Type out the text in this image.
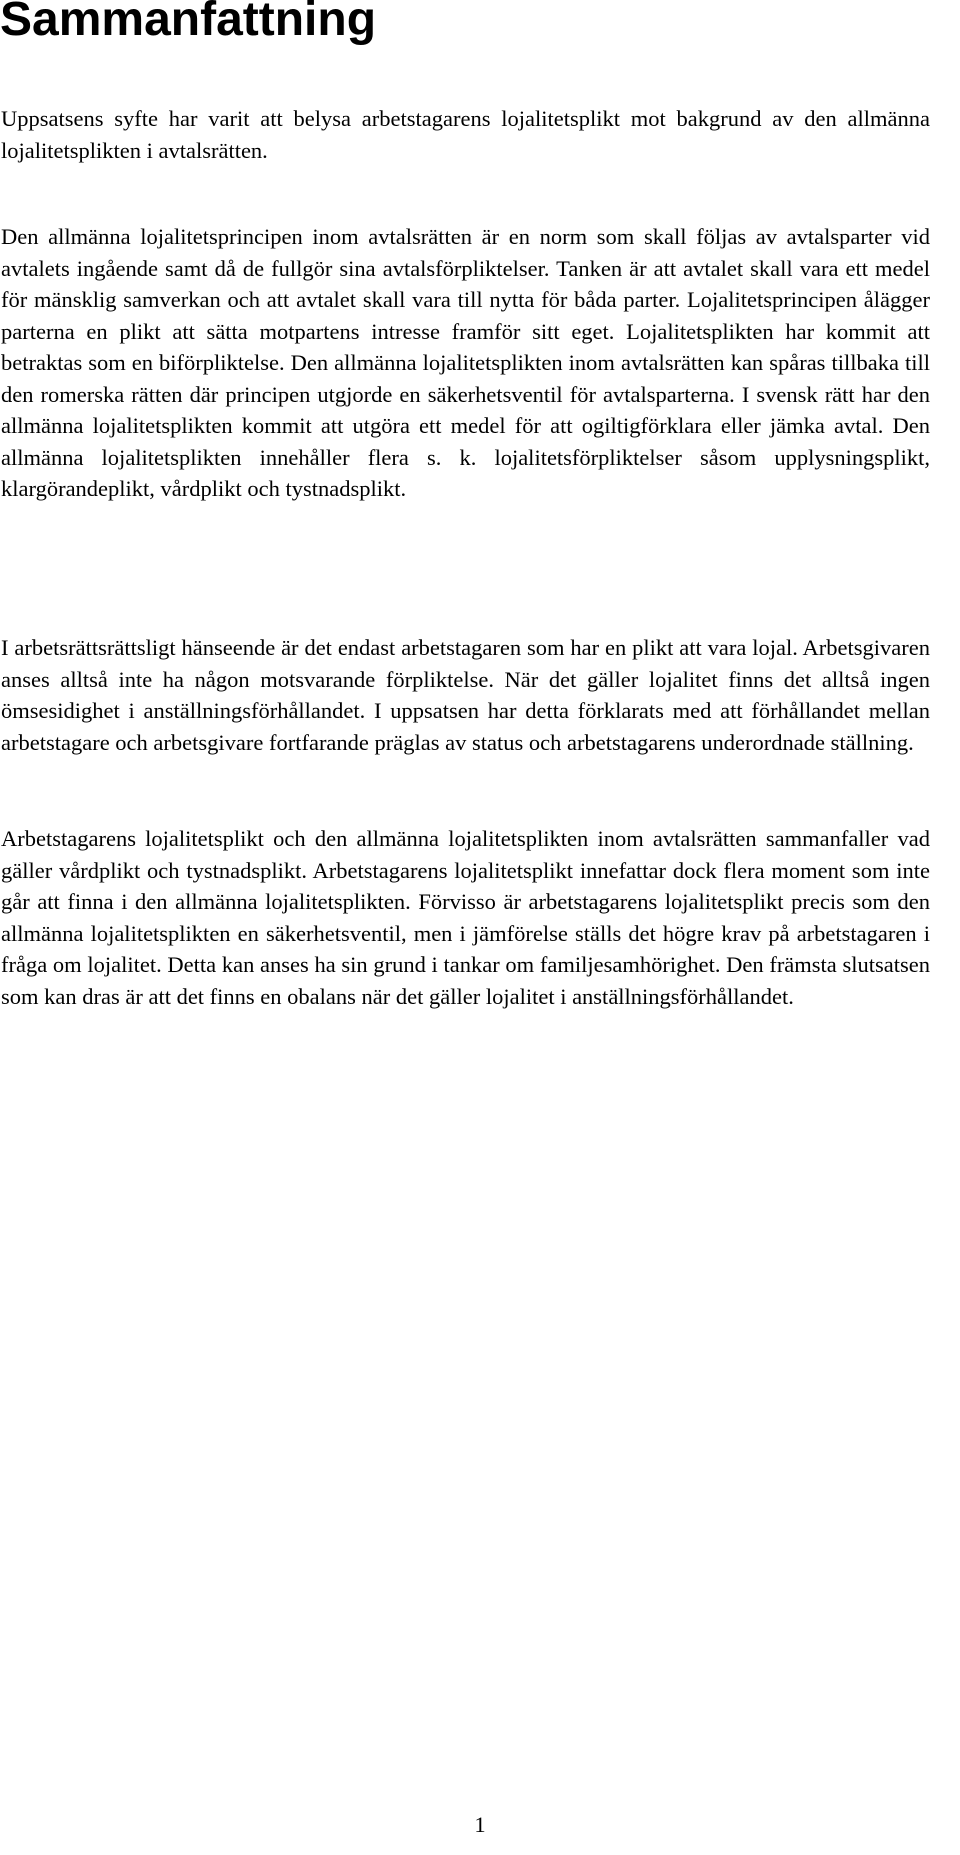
Sammanfattning

Uppsatsens syfte har varit att belysa arbetstagarens lojalitetsplikt mot bakgrund av den allmänna lojalitetsplikten i avtalsrätten.

Den allmänna lojalitetsprincipen inom avtalsrätten är en norm som skall följas av avtalsparter vid avtalets ingående samt då de fullgör sina avtalsförpliktelser. Tanken är att avtalet skall vara ett medel för mänsklig samverkan och att avtalet skall vara till nytta för båda parter. Lojalitetsprincipen ålägger parterna en plikt att sätta motpartens intresse framför sitt eget. Lojalitetsplikten har kommit att betraktas som en biförpliktelse. Den allmänna lojalitetsplikten inom avtalsrätten kan spåras tillbaka till den romerska rätten där principen utgjorde en säkerhetsventil för avtalsparterna. I svensk rätt har den allmänna lojalitetsplikten kommit att utgöra ett medel för att ogiltigförklara eller jämka avtal. Den allmänna lojalitetsplikten innehåller flera s. k. lojalitetsförpliktelser såsom upplysningsplikt, klargörandeplikt, vårdplikt och tystnadsplikt.

I arbetsrättsrättsligt hänseende är det endast arbetstagaren som har en plikt att vara lojal. Arbetsgivaren anses alltså inte ha någon motsvarande förpliktelse. När det gäller lojalitet finns det alltså ingen ömsesidighet i anställningsförhållandet. I uppsatsen har detta förklarats med att förhållandet mellan arbetstagare och arbetsgivare fortfarande präglas av status och arbetstagarens underordnade ställning.

Arbetstagarens lojalitetsplikt och den allmänna lojalitetsplikten inom avtalsrätten sammanfaller vad gäller vårdplikt och tystnadsplikt. Arbetstagarens lojalitetsplikt innefattar dock flera moment som inte går att finna i den allmänna lojalitetsplikten. Förvisso är arbetstagarens lojalitetsplikt precis som den allmänna lojalitetsplikten en säkerhetsventil, men i jämförelse ställs det högre krav på arbetstagaren i fråga om lojalitet. Detta kan anses ha sin grund i tankar om familjesamhörighet. Den främsta slutsatsen som kan dras är att det finns en obalans när det gäller lojalitet i anställningsförhållandet.

1
